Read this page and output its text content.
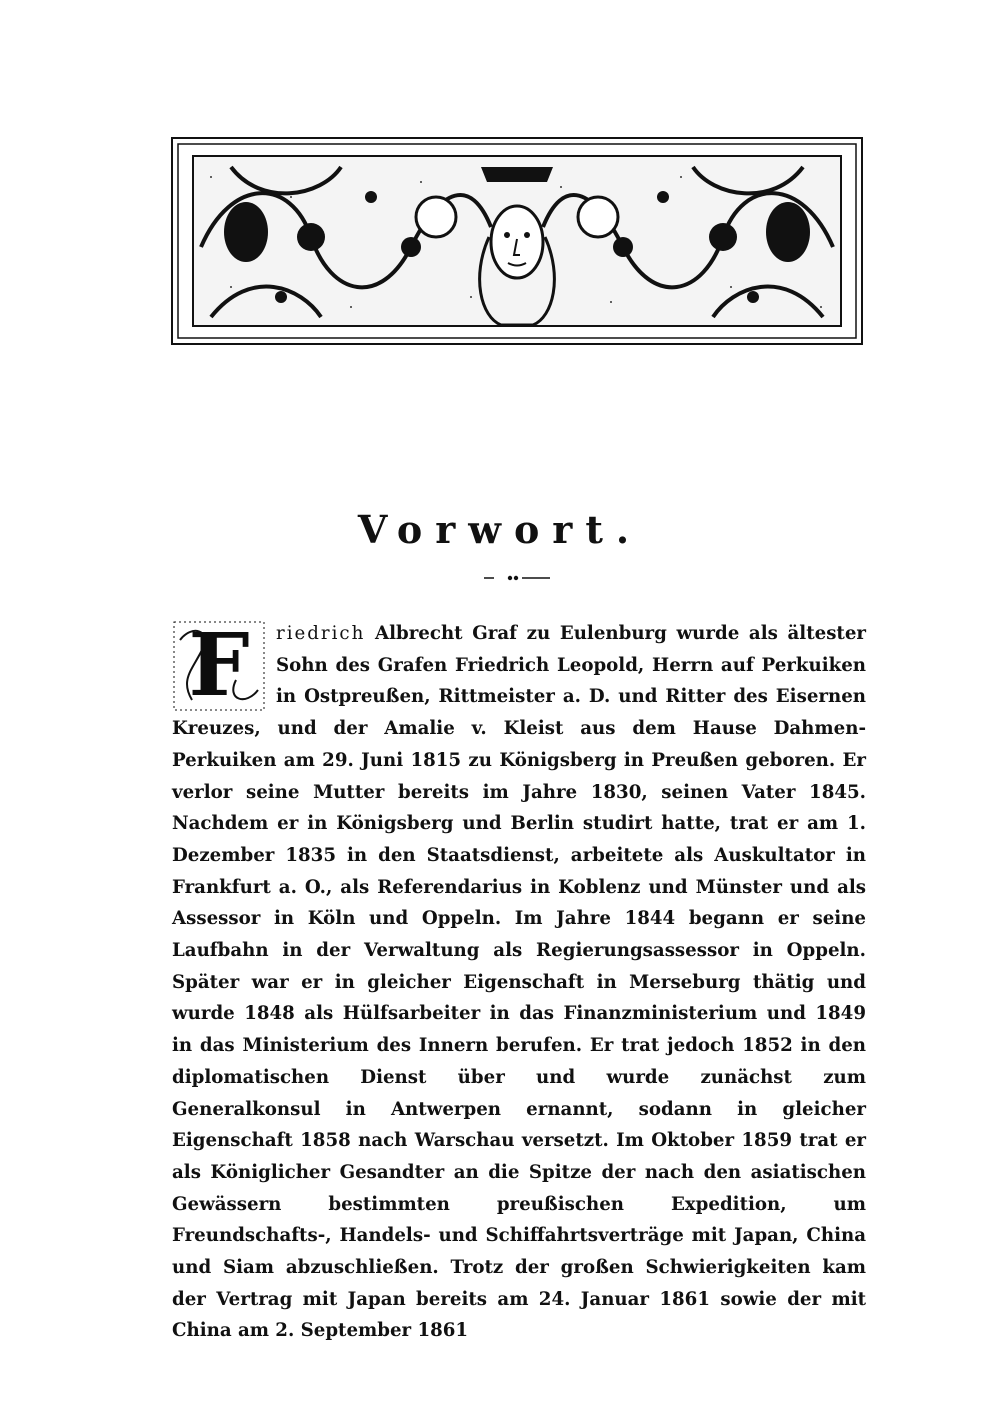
Vorwort.
F	riedrich Albrecht Graf zu Eulenburg wurde als ältester Sohn des Grafen Friedrich Leopold, Herrn auf Perkuiken in Ostpreußen, Rittmeister a. D. und Ritter des Eisernen Kreuzes, und der Amalie v. Kleist aus dem Hause Dahmen-Perkuiken am 29. Juni 1815 zu Königsberg in Preußen geboren. Er verlor seine Mutter bereits im Jahre 1830, seinen Vater 1845. Nachdem er in Königsberg und Berlin studirt hatte, trat er am 1. Dezember 1835 in den Staatsdienst, arbeitete als Auskultator in Frankfurt a. O., als Referendarius in Koblenz und Münster und als Assessor in Köln und Oppeln. Im Jahre 1844 begann er seine Laufbahn in der Verwaltung als Regierungsassessor in Oppeln. Später war er in gleicher Eigenschaft in Merseburg thätig und wurde 1848 als Hülfsarbeiter in das Finanzministerium und 1849 in das Ministerium des Innern berufen. Er trat jedoch 1852 in den diplomatischen Dienst über und wurde zunächst zum Generalkonsul in Antwerpen ernannt, sodann in gleicher Eigenschaft 1858 nach Warschau versetzt. Im Oktober 1859 trat er als Königlicher Gesandter an die Spitze der nach den asiatischen Gewässern bestimmten preußischen Expedition, um Freundschafts-, Handels- und Schiffahrtsverträge mit Japan, China und Siam abzuschließen. Trotz der großen Schwierigkeiten kam der Vertrag mit Japan bereits am 24. Januar 1861 sowie der mit China am 2. September 1861
